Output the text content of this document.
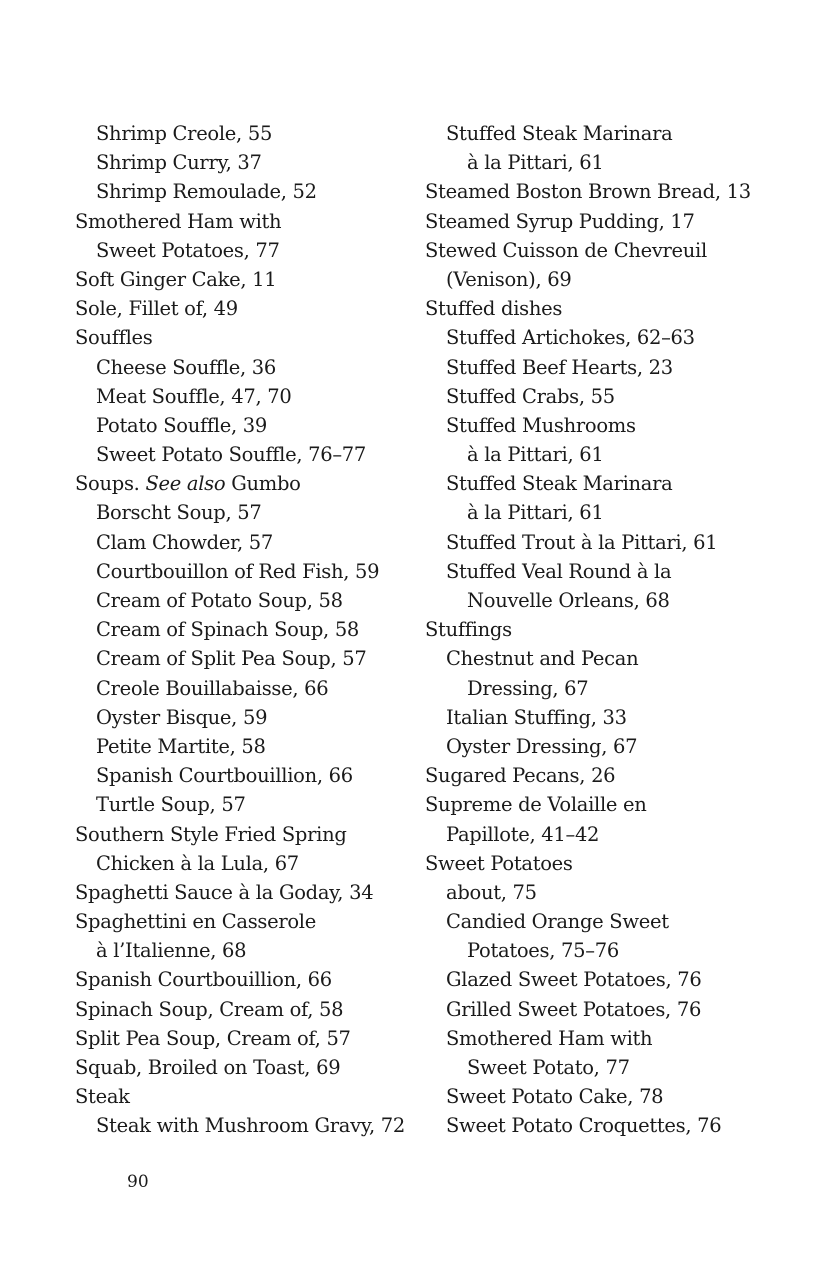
Shrimp Creole, 55
Shrimp Curry, 37
Shrimp Remoulade, 52
Smothered Ham with
Sweet Potatoes, 77
Soft Ginger Cake, 11
Sole, Fillet of, 49
Souffles
Cheese Souffle, 36
Meat Souffle, 47, 70
Potato Souffle, 39
Sweet Potato Souffle, 76–77
Soups. See also Gumbo
Borscht Soup, 57
Clam Chowder, 57
Courtbouillon of Red Fish, 59
Cream of Potato Soup, 58
Cream of Spinach Soup, 58
Cream of Split Pea Soup, 57
Creole Bouillabaisse, 66
Oyster Bisque, 59
Petite Martite, 58
Spanish Courtbouillion, 66
Turtle Soup, 57
Southern Style Fried Spring
Chicken à la Lula, 67
Spaghetti Sauce à la Goday, 34
Spaghettini en Casserole
à l’Italienne, 68
Spanish Courtbouillion, 66
Spinach Soup, Cream of, 58
Split Pea Soup, Cream of, 57
Squab, Broiled on Toast, 69
Steak
Steak with Mushroom Gravy, 72
Stuffed Steak Marinara
à la Pittari, 61
Steamed Boston Brown Bread, 13
Steamed Syrup Pudding, 17
Stewed Cuisson de Chevreuil
(Venison), 69
Stuffed dishes
Stuffed Artichokes, 62–63
Stuffed Beef Hearts, 23
Stuffed Crabs, 55
Stuffed Mushrooms
à la Pittari, 61
Stuffed Steak Marinara
à la Pittari, 61
Stuffed Trout à la Pittari, 61
Stuffed Veal Round à la
Nouvelle Orleans, 68
Stuffings
Chestnut and Pecan
Dressing, 67
Italian Stuffing, 33
Oyster Dressing, 67
Sugared Pecans, 26
Supreme de Volaille en
Papillote, 41–42
Sweet Potatoes
about, 75
Candied Orange Sweet
Potatoes, 75–76
Glazed Sweet Potatoes, 76
Grilled Sweet Potatoes, 76
Smothered Ham with
Sweet Potato, 77
Sweet Potato Cake, 78
Sweet Potato Croquettes, 76
90
